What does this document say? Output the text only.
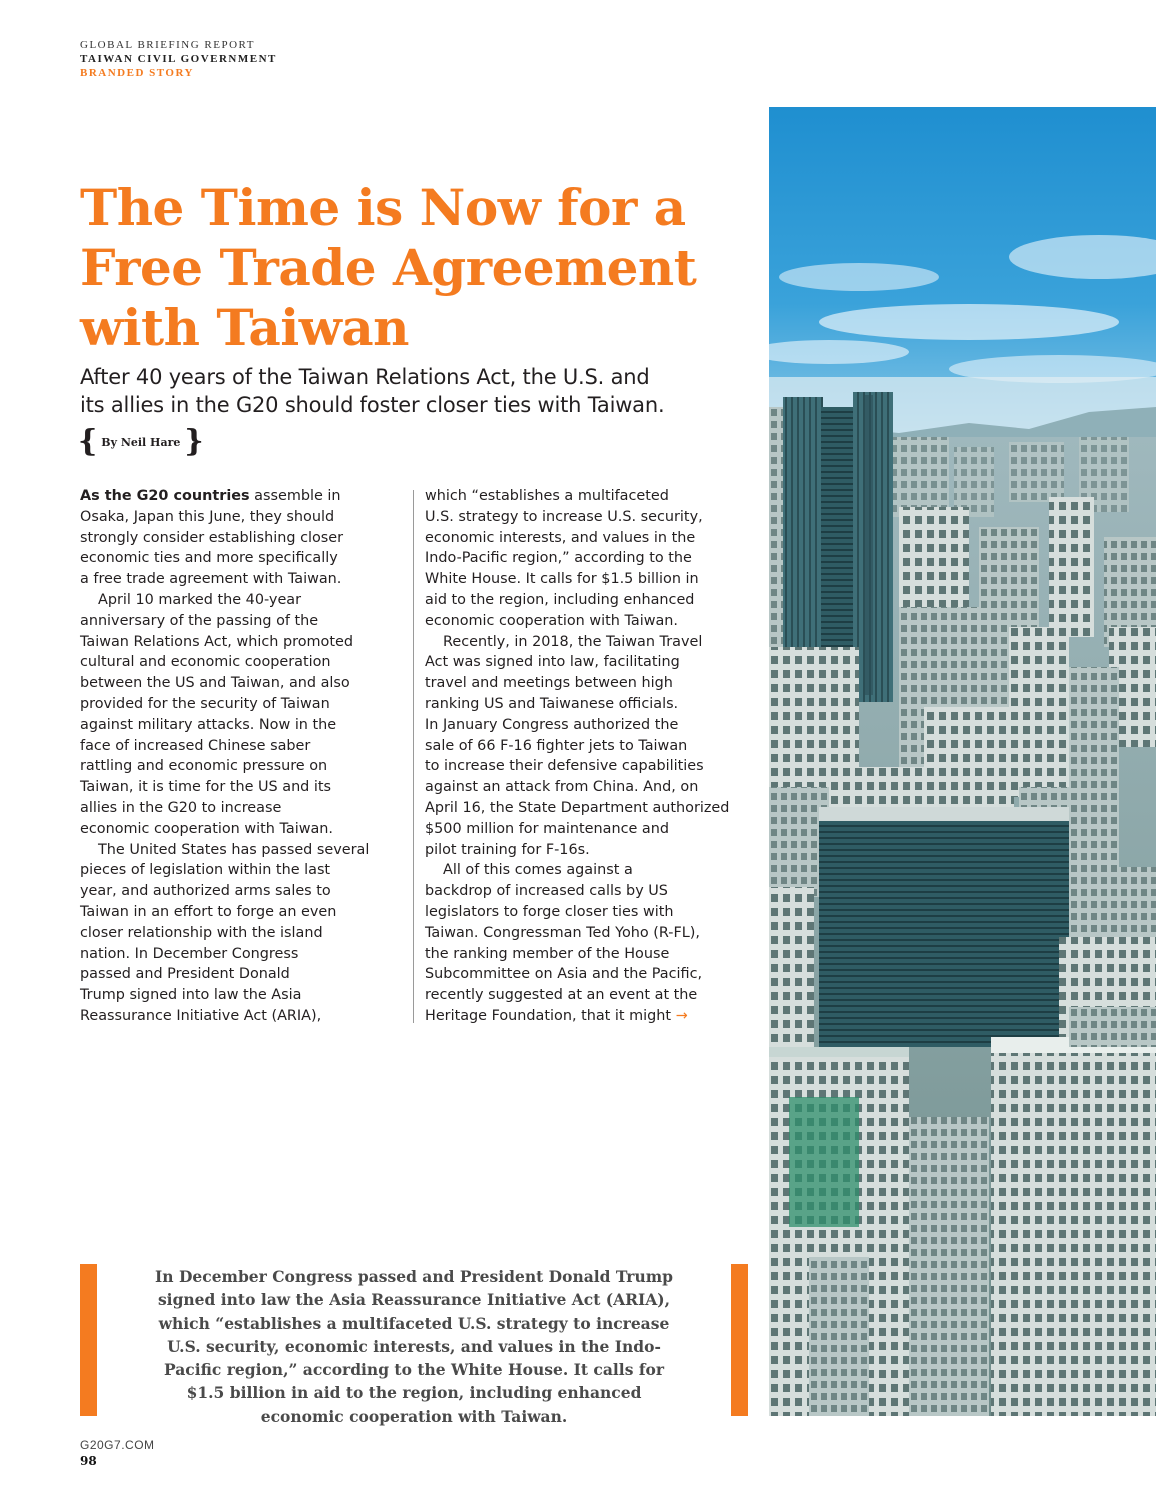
GLOBAL BRIEFING REPORT
TAIWAN CIVIL GOVERNMENT
BRANDED STORY
The Time is Now for a
Free Trade Agreement
with Taiwan

After 40 years of the Taiwan Relations Act, the U.S. and
its allies in the G20 should foster closer ties with Taiwan.

{ By Neil Hare }
As the G20 countries assemble in
Osaka, Japan this June, they should
strongly consider establishing closer
economic ties and more specifically
a free trade agreement with Taiwan.
April 10 marked the 40-year
anniversary of the passing of the
Taiwan Relations Act, which promoted
cultural and economic cooperation
between the US and Taiwan, and also
provided for the security of Taiwan
against military attacks. Now in the
face of increased Chinese saber
rattling and economic pressure on
Taiwan, it is time for the US and its
allies in the G20 to increase
economic cooperation with Taiwan.
The United States has passed several
pieces of legislation within the last
year, and authorized arms sales to
Taiwan in an effort to forge an even
closer relationship with the island
nation. In December Congress
passed and President Donald
Trump signed into law the Asia
Reassurance Initiative Act (ARIA),
which “establishes a multifaceted
U.S. strategy to increase U.S. security,
economic interests, and values in the
Indo-Pacific region,” according to the
White House. It calls for $1.5 billion in
aid to the region, including enhanced
economic cooperation with Taiwan.
Recently, in 2018, the Taiwan Travel
Act was signed into law, facilitating
travel and meetings between high
ranking US and Taiwanese officials.
In January Congress authorized the
sale of 66 F-16 fighter jets to Taiwan
to increase their defensive capabilities
against an attack from China. And, on
April 16, the State Department authorized
$500 million for maintenance and
pilot training for F-16s.
All of this comes against a
backdrop of increased calls by US
legislators to forge closer ties with
Taiwan. Congressman Ted Yoho (R-FL),
the ranking member of the House
Subcommittee on Asia and the Pacific,
recently suggested at an event at the
Heritage Foundation, that it might →
In December Congress passed and President Donald Trump
signed into law the Asia Reassurance Initiative Act (ARIA),
which “establishes a multifaceted U.S. strategy to increase
U.S. security, economic interests, and values in the Indo-
Pacific region,” according to the White House. It calls for
$1.5 billion in aid to the region, including enhanced
economic cooperation with Taiwan.
G20G7.COM
98
